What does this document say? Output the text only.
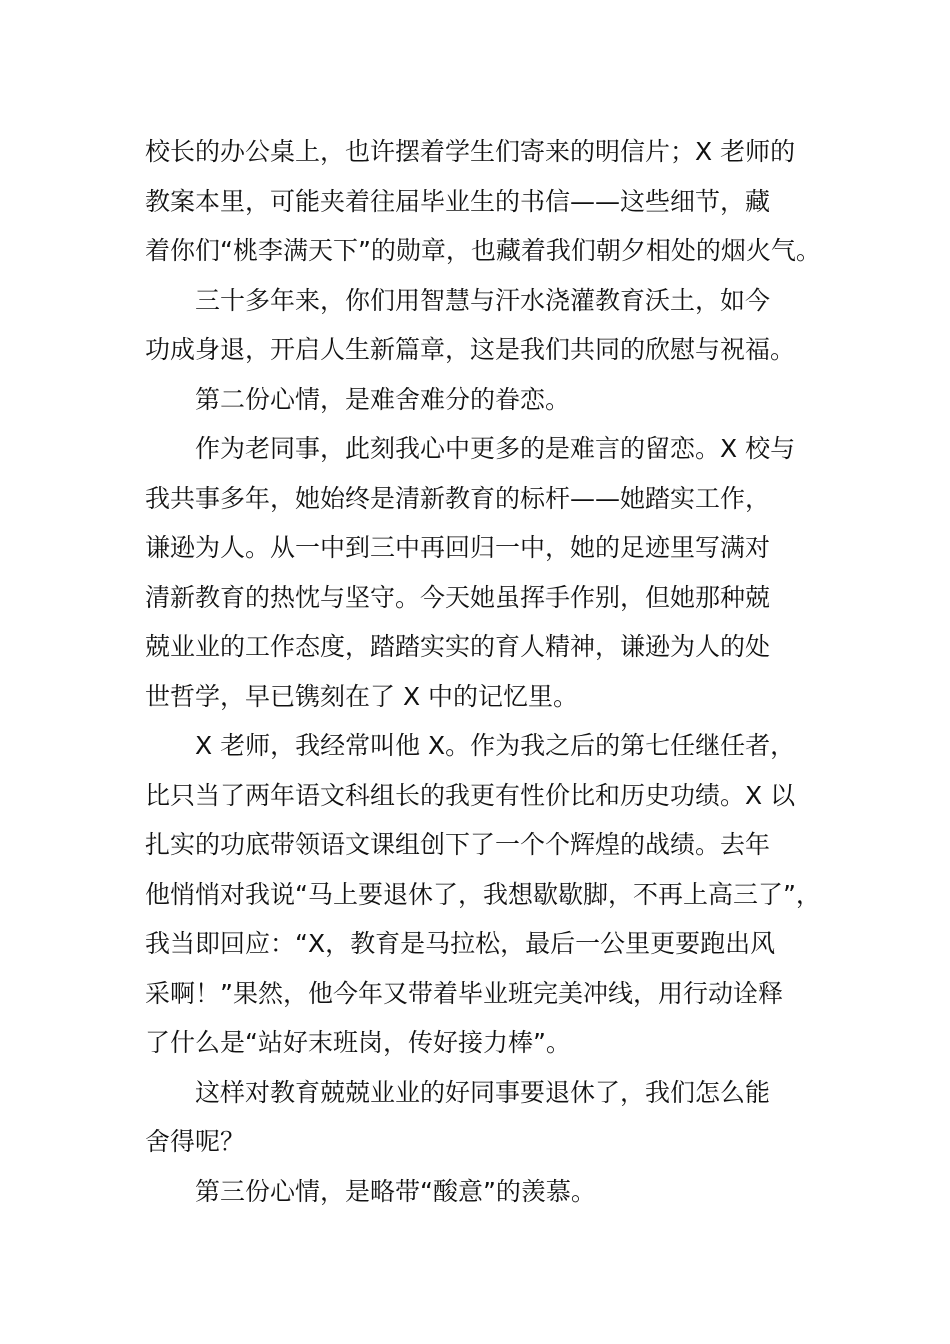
校长的办公桌上，也许摆着学生们寄来的明信片；X 老师的
教案本里，可能夹着往届毕业生的书信——这些细节，藏
着你们“桃李满天下”的勋章，也藏着我们朝夕相处的烟火气。
三十多年来，你们用智慧与汗水浇灌教育沃土，如今
功成身退，开启人生新篇章，这是我们共同的欣慰与祝福。
第二份心情，是难舍难分的眷恋。
作为老同事，此刻我心中更多的是难言的留恋。X 校与
我共事多年，她始终是清新教育的标杆——她踏实工作，
谦逊为人。从一中到三中再回归一中，她的足迹里写满对
清新教育的热忱与坚守。今天她虽挥手作别，但她那种兢
兢业业的工作态度，踏踏实实的育人精神，谦逊为人的处
世哲学，早已镌刻在了 X 中的记忆里。
X 老师，我经常叫他 X。作为我之后的第七任继任者，
比只当了两年语文科组长的我更有性价比和历史功绩。X 以
扎实的功底带领语文课组创下了一个个辉煌的战绩。去年
他悄悄对我说“马上要退休了，我想歇歇脚，不再上高三了”，
我当即回应：“X，教育是马拉松，最后一公里更要跑出风
采啊！”果然，他今年又带着毕业班完美冲线，用行动诠释
了什么是“站好末班岗，传好接力棒”。
这样对教育兢兢业业的好同事要退休了，我们怎么能
舍得呢？
第三份心情，是略带“酸意”的羡慕。
